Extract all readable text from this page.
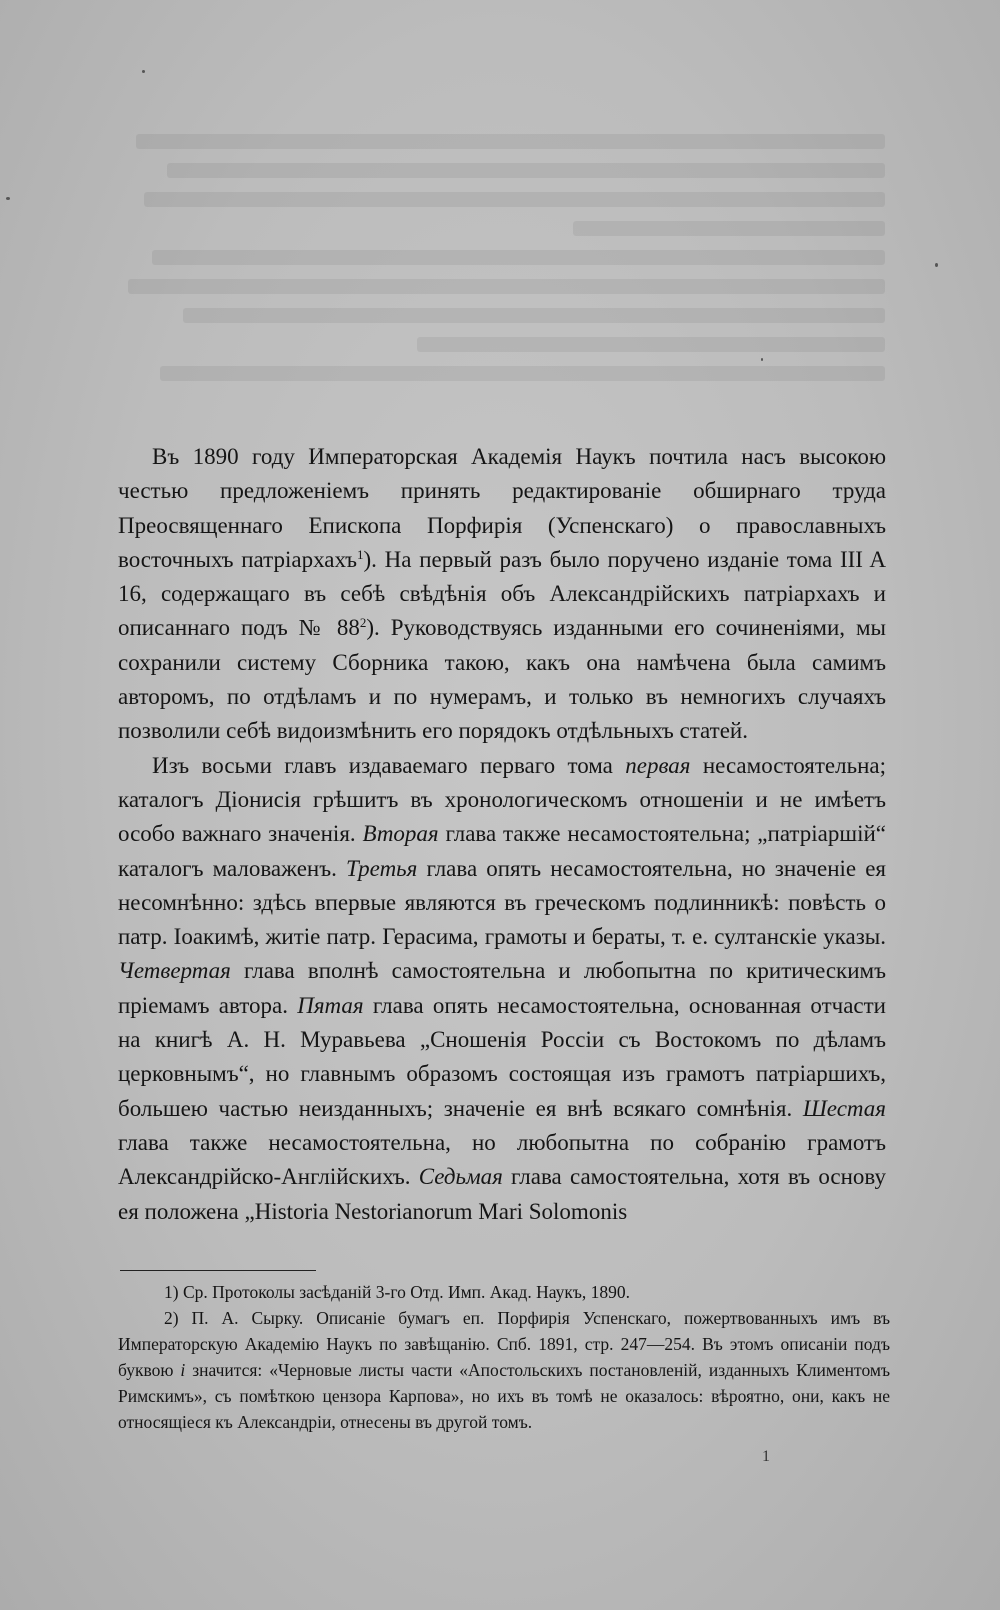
Въ 1890 году Императорская Академія Наукъ почтила насъ высокою честью предложеніемъ принять редактированіе обширнаго труда Преосвященнаго Епископа Порфирія (Успенскаго) о православныхъ восточныхъ патріархахъ$^1$). На первый разъ было поручено изданіе тома III A 16, содержащаго въ себѣ свѣдѣнія объ Александрійскихъ патріархахъ и описаннаго подъ № $88^2$). Руководствуясь изданными его сочиненіями, мы сохранили систему Сборника такою, какъ она намѣчена была самимъ авторомъ, по отдѣламъ и по нумерамъ, и только въ немногихъ случаяхъ позволили себѣ видоизмѣнить его порядокъ отдѣльныхъ статей.

Изъ восьми главъ издаваемаго перваго тома первая несамостоятельна; каталогъ Діонисія грѣшитъ въ хронологическомъ отношеніи и не имѣетъ особо важнаго значенія. Вторая глава также несамостоятельна; „патріаршій“ каталогъ маловаженъ. Третья глава опять несамостоятельна, но значеніе ея несомнѣнно: здѣсь впервые являются въ греческомъ подлинникѣ: повѣсть о патр. Іоакимѣ, житіе патр. Герасима, грамоты и бераты, т. е. султанскіе указы. Четвертая глава вполнѣ самостоятельна и любопытна по критическимъ пріемамъ автора. Пятая глава опять несамостоятельна, основанная отчасти на книгѣ А. Н. Муравьева „Сношенія Россіи съ Востокомъ по дѣламъ церковнымъ“, но главнымъ образомъ состоящая изъ грамотъ патріаршихъ, большею частью неизданныхъ; значеніе ея внѣ всякаго сомнѣнія. Шестая глава также несамостоятельна, но любопытна по собранію грамотъ Александрійско-Англійскихъ. Седьмая глава самостоятельна, хотя въ основу ея положена „Historia Nestorianorum Mari Solomonis

1) Ср. Протоколы засѣданій 3-го Отд. Имп. Акад. Наукъ, 1890.

2) П. А. Сырку. Описаніе бумагъ еп. Порфирія Успенскаго, пожертвованныхъ имъ въ Императорскую Академію Наукъ по завѣщанію. Спб. 1891, стр. 247—254. Въ этомъ описаніи подъ буквою і значится: «Черновые листы части «Апостольскихъ постановленій, изданныхъ Климентомъ Римскимъ», съ помѣткою цензора Карпова», но ихъ въ томѣ не оказалось: вѣроятно, они, какъ не относящіеся къ Александріи, отнесены въ другой томъ.

1
